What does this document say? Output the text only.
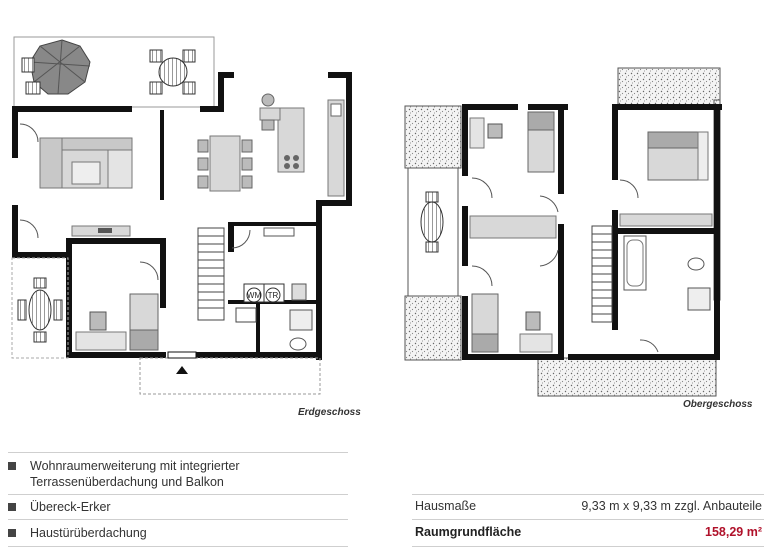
WM TR
Erdgeschoss
Obergeschoss
Wohnraumerweiterung mit integrierter Terrassenüberdachung und Balkon
Übereck-Erker
Haustürüberdachung
Hausmaße	9,33 m x 9,33 m zzgl. Anbauteile
Raumgrundfläche	158,29 m²
